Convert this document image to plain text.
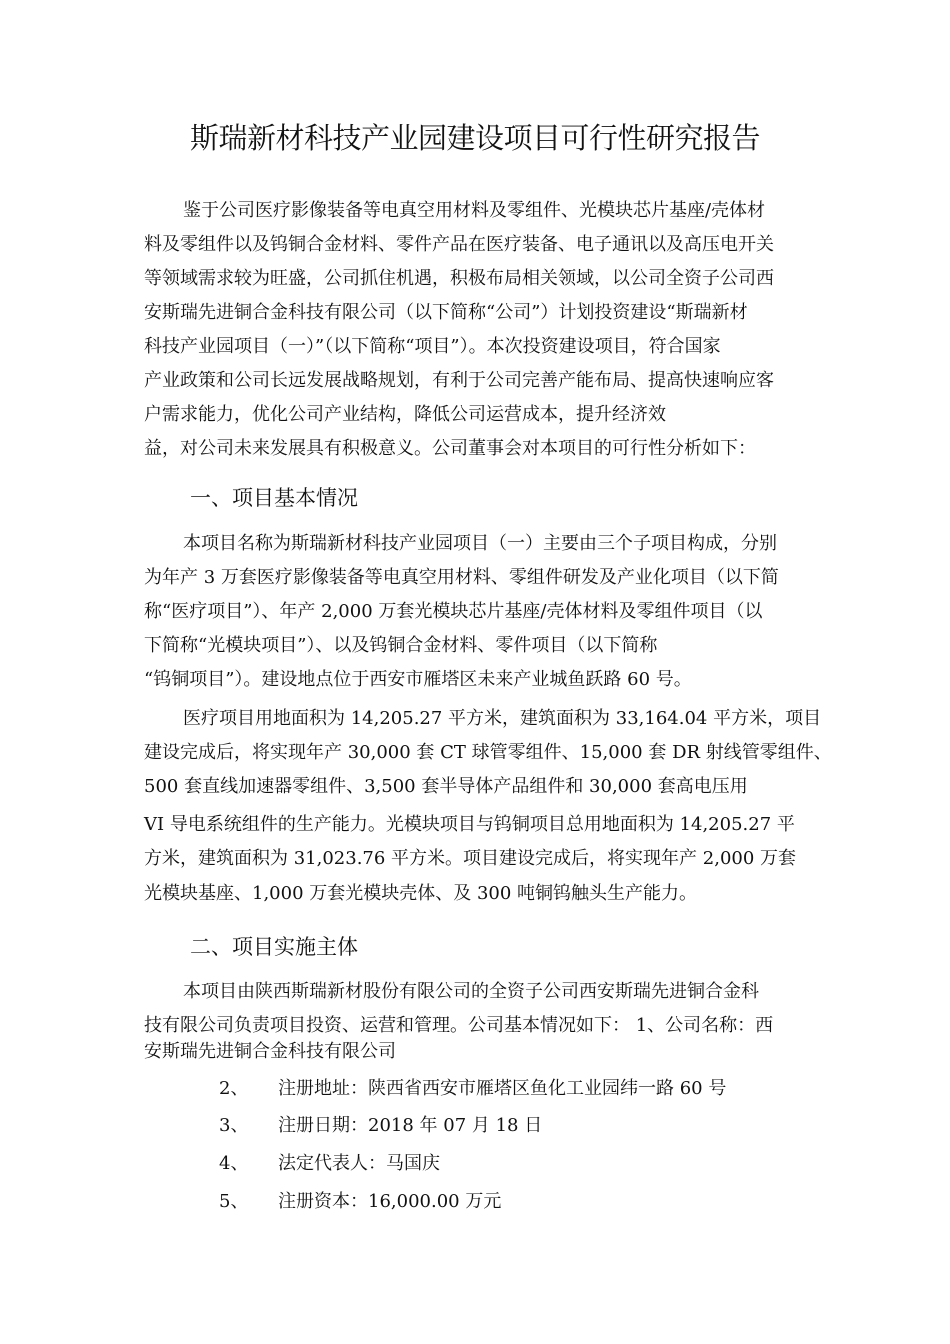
斯瑞新材科技产业园建设项目可行性研究报告

鉴于公司医疗影像装备等电真空用材料及零组件、光模块芯片基座/壳体材

料及零组件以及钨铜合金材料、零件产品在医疗装备、电子通讯以及高压电开关

等领域需求较为旺盛，公司抓住机遇，积极布局相关领域，以公司全资子公司西

安斯瑞先进铜合金科技有限公司（以下简称“公司”）计划投资建设“斯瑞新材

科技产业园项目（一）”（以下简称“项目”）。本次投资建设项目，符合国家

产业政策和公司长远发展战略规划，有利于公司完善产能布局、提高快速响应客

户需求能力，优化公司产业结构，降低公司运营成本，提升经济效

益，对公司未来发展具有积极意义。公司董事会对本项目的可行性分析如下：

一、项目基本情况

本项目名称为斯瑞新材科技产业园项目（一）主要由三个子项目构成，分别

为年产 3 万套医疗影像装备等电真空用材料、零组件研发及产业化项目（以下简

称“医疗项目”）、年产 2,000 万套光模块芯片基座/壳体材料及零组件项目（以

下简称“光模块项目”）、以及钨铜合金材料、零件项目（以下简称

“钨铜项目”）。建设地点位于西安市雁塔区未来产业城鱼跃路 60 号。

医疗项目用地面积为 14,205.27 平方米，建筑面积为 33,164.04 平方米，项目

建设完成后，将实现年产 30,000 套 CT 球管零组件、15,000 套 DR 射线管零组件、

500 套直线加速器零组件、3,500 套半导体产品组件和 30,000 套高电压用

VI 导电系统组件的生产能力。光模块项目与钨铜项目总用地面积为 14,205.27 平

方米，建筑面积为 31,023.76 平方米。项目建设完成后，将实现年产 2,000 万套

光模块基座、1,000 万套光模块壳体、及 300 吨铜钨触头生产能力。

二、项目实施主体

本项目由陕西斯瑞新材股份有限公司的全资子公司西安斯瑞先进铜合金科

技有限公司负责项目投资、运营和管理。公司基本情况如下： 1、公司名称：西

安斯瑞先进铜合金科技有限公司

2、 注册地址：陕西省西安市雁塔区鱼化工业园纬一路 60 号
3、 注册日期：2018 年 07 月 18 日
4、 法定代表人：马国庆
5、 注册资本：16,000.00 万元
